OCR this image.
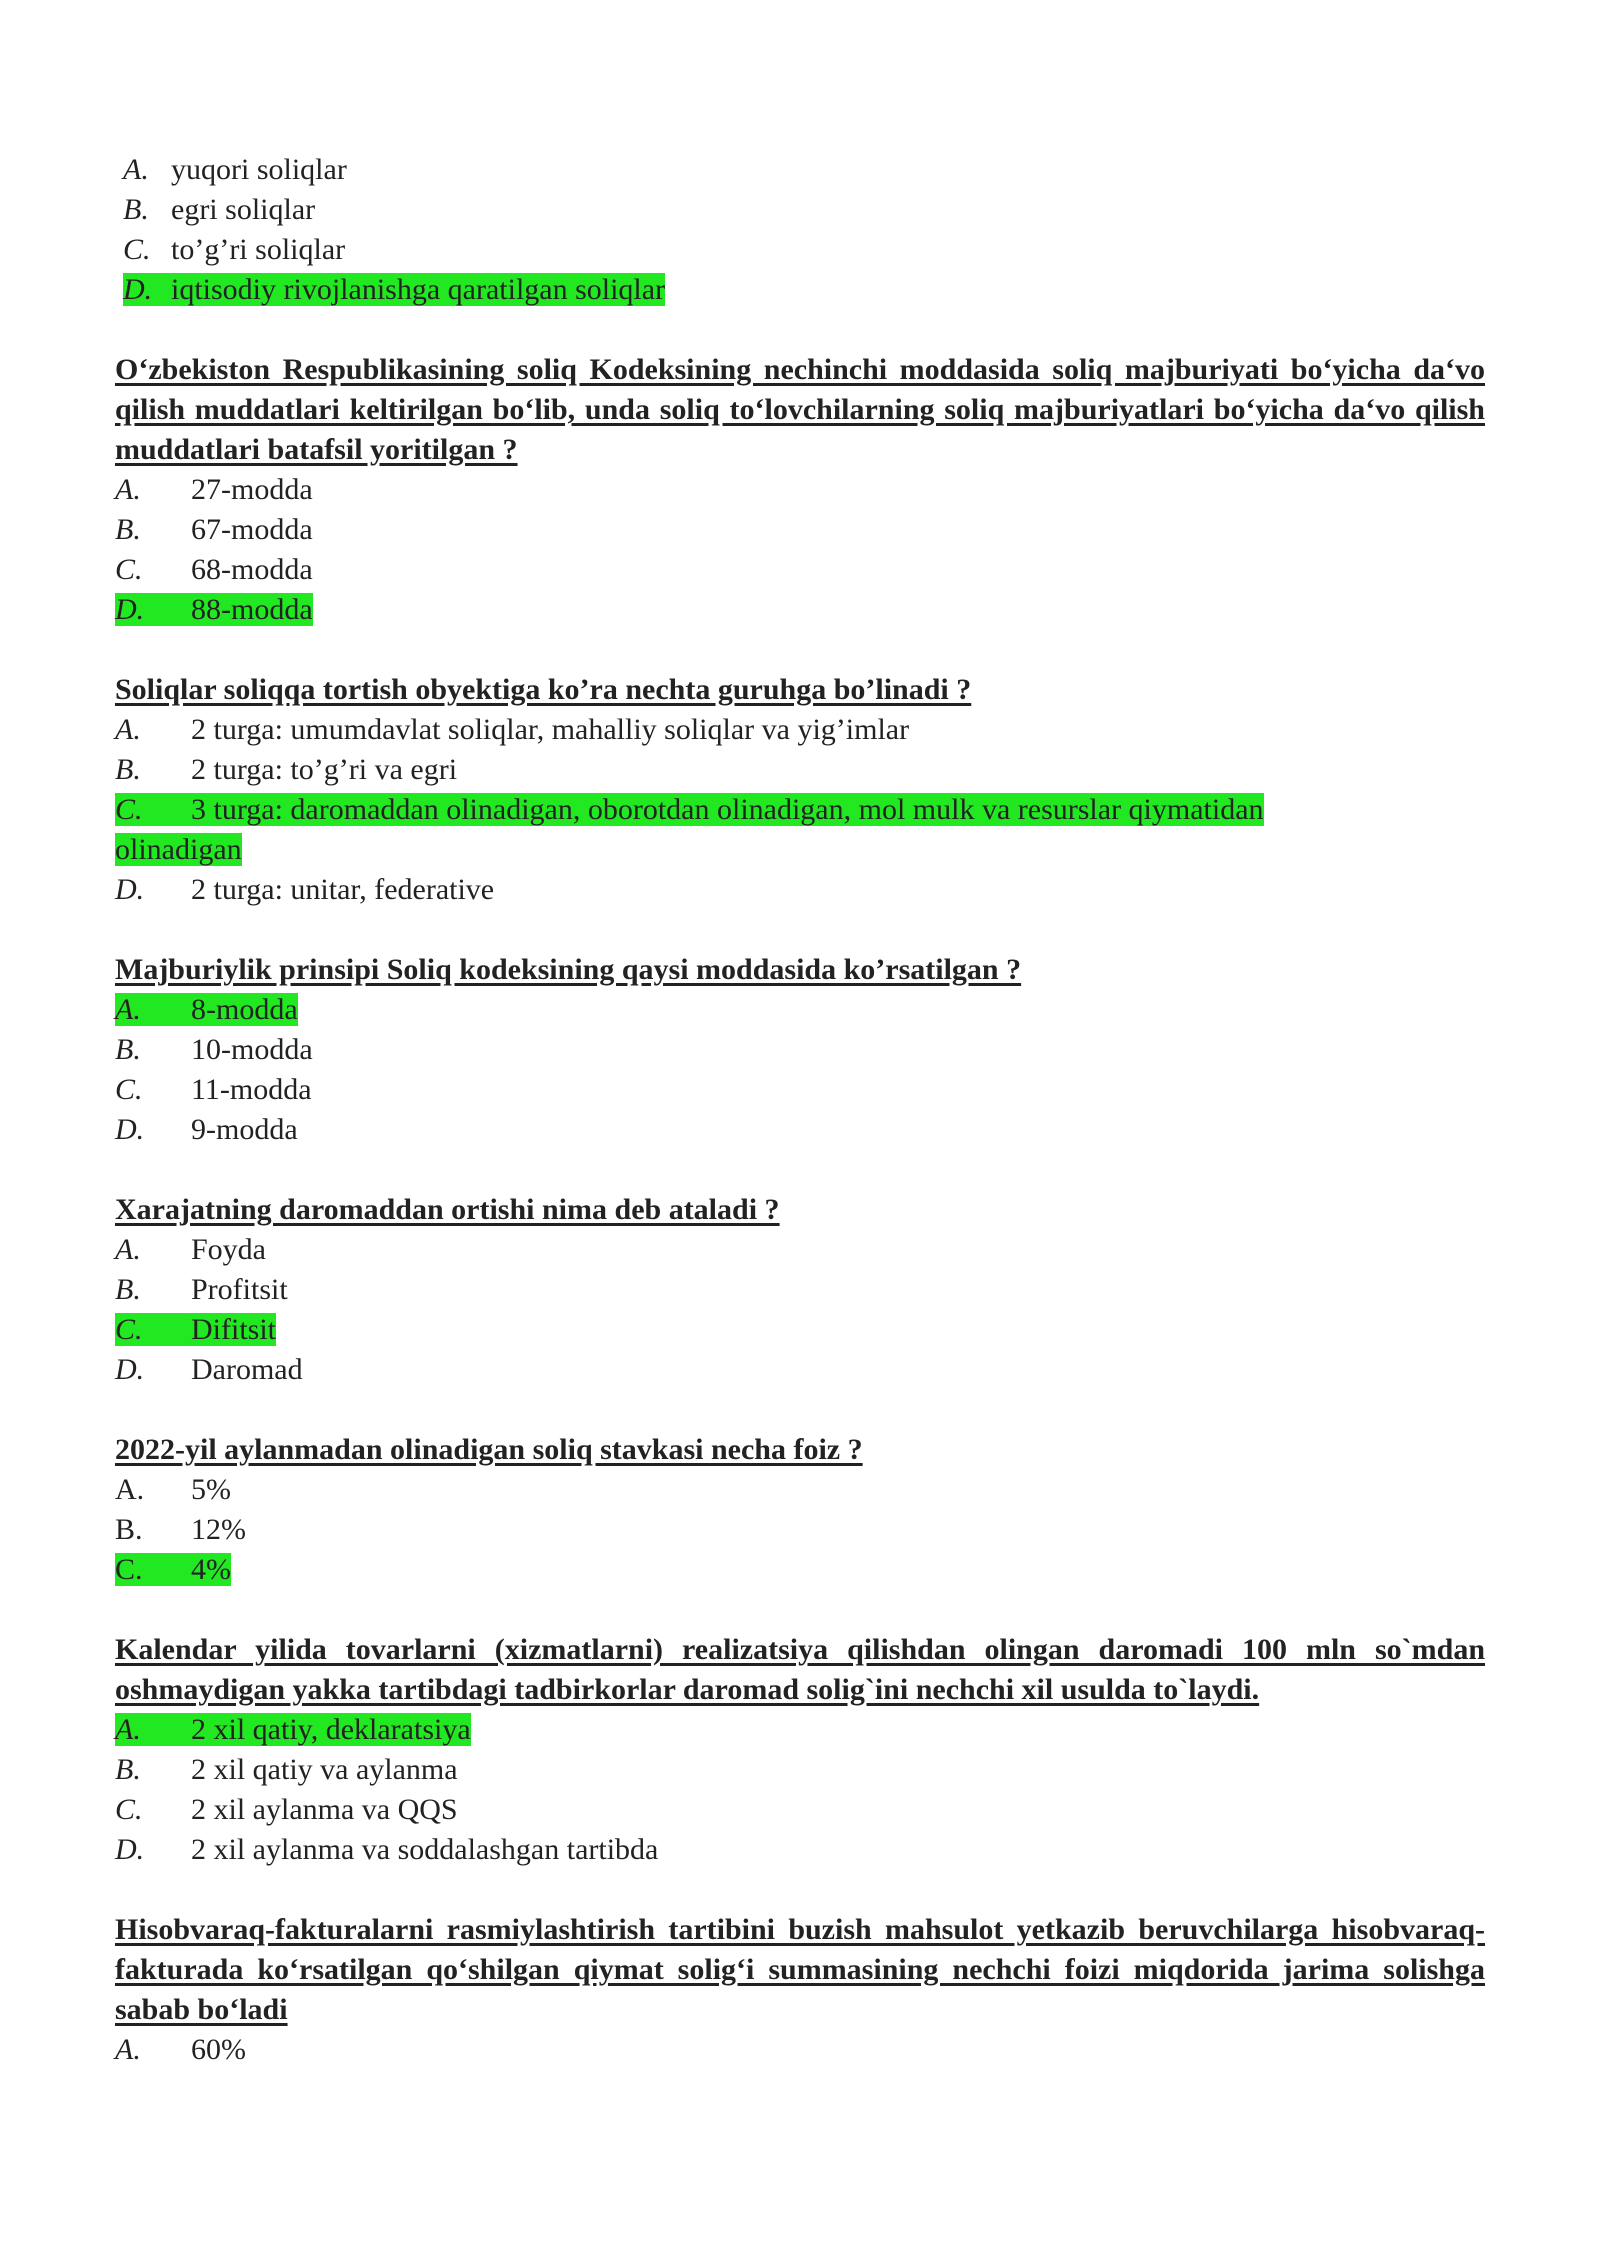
A. yuqori soliqlar
B. egri soliqlar
C. to’g’ri soliqlar
D. iqtisodiy rivojlanishga qaratilgan soliqlar

O‘zbekiston Respublikasining soliq Kodeksining nechinchi moddasida soliq majburiyati bo‘yicha da‘vo qilish muddatlari keltirilgan bo‘lib, unda soliq to‘lovchilarning soliq majburiyatlari bo‘yicha da‘vo qilish muddatlari batafsil yoritilgan ?

A. 27-modda
B. 67-modda
C. 68-modda
D. 88-modda

Soliqlar soliqqa tortish obyektiga ko’ra nechta guruhga bo’linadi ?

A. 2 turga: umumdavlat soliqlar, mahalliy soliqlar va yig’imlar
B. 2 turga: to’g’ri va egri
C. 3 turga: daromaddan olinadigan, oborotdan olinadigan, mol mulk va resurslar qiymatidan
olinadigan
D. 2 turga: unitar, federative

Majburiylik prinsipi Soliq kodeksining qaysi moddasida ko’rsatilgan ?

A. 8-modda
B. 10-modda
C. 11-modda
D. 9-modda

Xarajatning daromaddan ortishi nima deb ataladi ?

A. Foyda
B. Profitsit
C. Difitsit
D. Daromad

2022-yil aylanmadan olinadigan soliq stavkasi necha foiz ?

A. 5%
B. 12%
C. 4%

Kalendar yilida tovarlarni (xizmatlarni) realizatsiya qilishdan olingan daromadi 100 mln so`mdan oshmaydigan yakka tartibdagi tadbirkorlar daromad solig`ini nechchi xil usulda to`laydi.

A. 2 xil qatiy, deklaratsiya
B. 2 xil qatiy va aylanma
C. 2 xil aylanma va QQS
D. 2 xil aylanma va soddalashgan tartibda

Hisobvaraq-fakturalarni rasmiylashtirish tartibini buzish mahsulot yetkazib beruvchilarga hisobvaraq-fakturada ko‘rsatilgan qo‘shilgan qiymat solig‘i summasining nechchi foizi miqdorida jarima solishga sabab bo‘ladi

A. 60%
